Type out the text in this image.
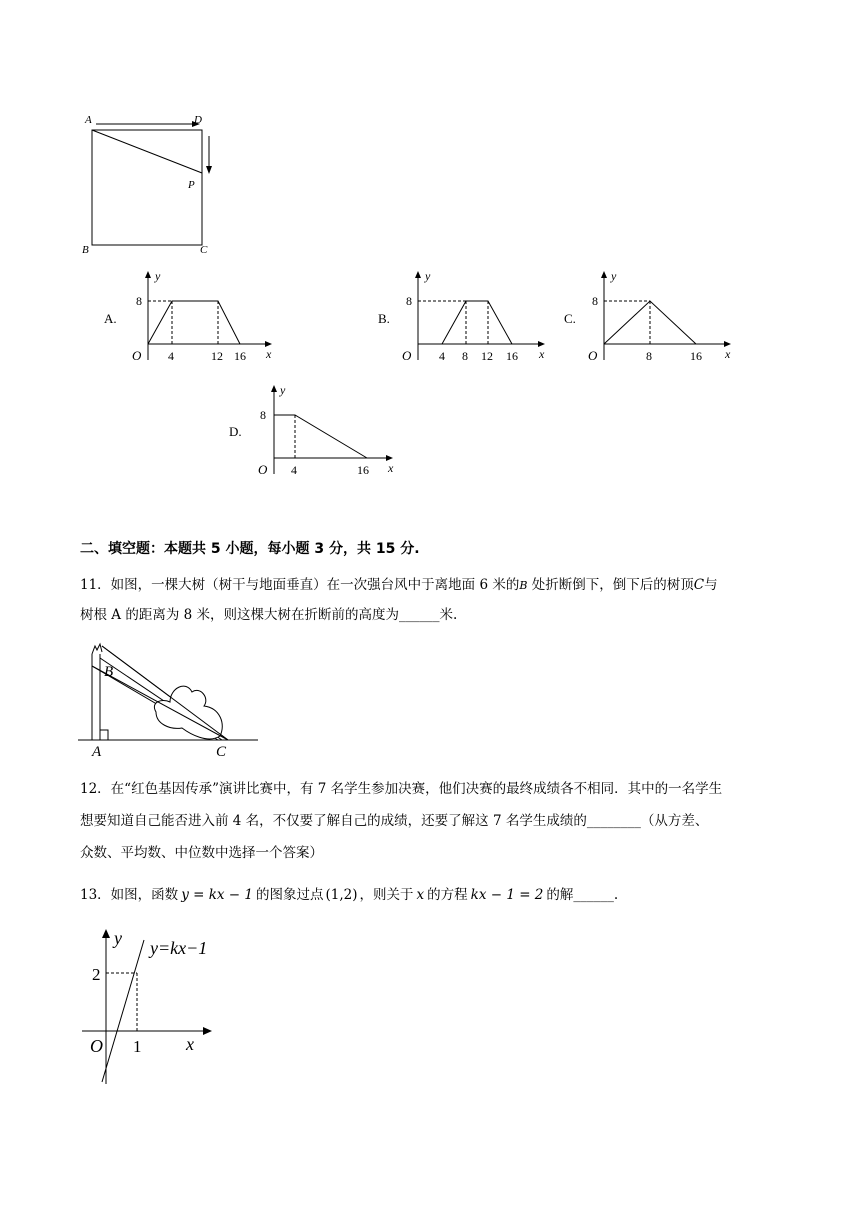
A	D
P
B	C
A.
y
8
O 4	12 16 x
B.
y
8
O 4 8 12 16 x
C.
y
8
O	8	16 x
D.
y
8
O 4	16 x
二、填空题：本题共 5 小题，每小题 3 分，共 15 分.
11．如图，一棵大树（树干与地面垂直）在一次强台风中于离地面 6 米的B 处折断倒下，倒下后的树顶C与
树根 A 的距离为 8 米，则这棵大树在折断前的高度为______米.
B
A	C
12．在“红色基因传承”演讲比赛中，有 7 名学生参加决赛，他们决赛的最终成绩各不相同．其中的一名学生
想要知道自己能否进入前 4 名，不仅要了解自己的成绩，还要了解这 7 名学生成绩的________（从方差、
众数、平均数、中位数中选择一个答案）
13．如图，函数 y = kx − 1 的图象过点 (1,2) ，则关于 x 的方程 kx − 1 = 2 的解______.
y y=kx−1
2
O 1 x
